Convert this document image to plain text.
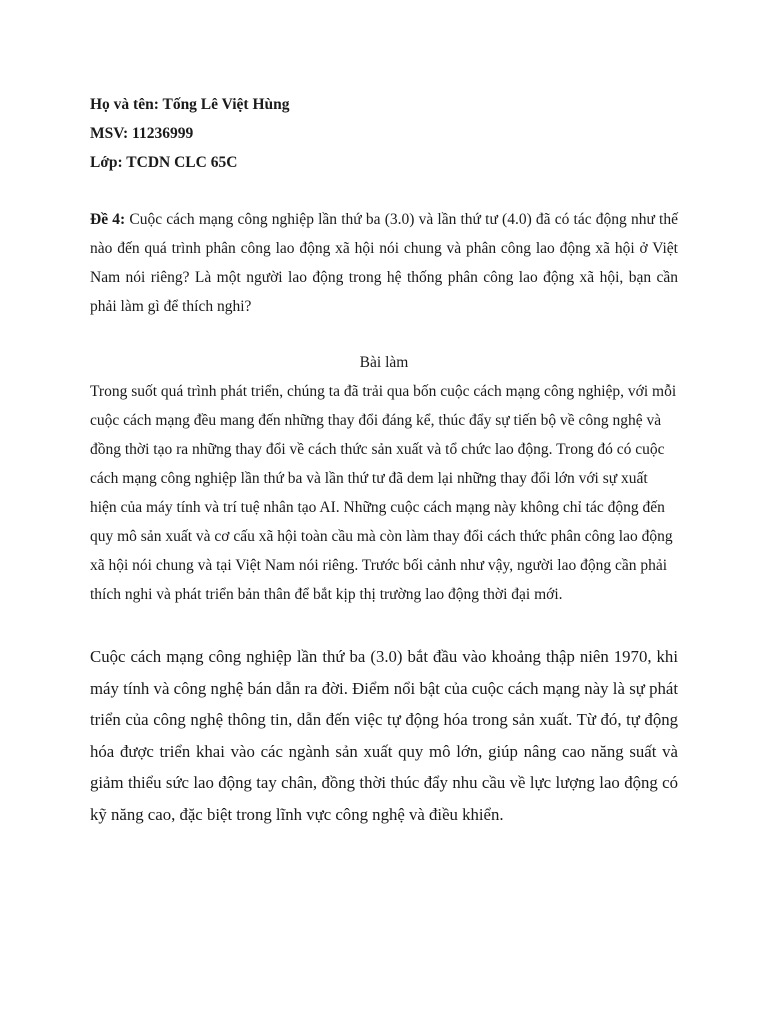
Họ và tên: Tống Lê Việt Hùng

MSV: 11236999

Lớp: TCDN CLC 65C

Đề 4: Cuộc cách mạng công nghiệp lần thứ ba (3.0) và lần thứ tư (4.0) đã có tác động như thế nào đến quá trình phân công lao động xã hội nói chung và phân công lao động xã hội ở Việt Nam nói riêng? Là một người lao động trong hệ thống phân công lao động xã hội, bạn cần phải làm gì để thích nghi?
Bài làm

Trong suốt quá trình phát triển, chúng ta đã trải qua bốn cuộc cách mạng công nghiệp, với mỗi cuộc cách mạng đều mang đến những thay đổi đáng kể, thúc đẩy sự tiến bộ về công nghệ và đồng thời tạo ra những thay đổi về cách thức sản xuất và tổ chức lao động. Trong đó có cuộc cách mạng công nghiệp lần thứ ba và lần thứ tư đã dem lại những thay đổi lớn với sự xuất hiện của máy tính và trí tuệ nhân tạo AI. Những cuộc cách mạng này không chỉ tác động đến quy mô sản xuất và cơ cấu xã hội toàn cầu mà còn làm thay đổi cách thức phân công lao động xã hội nói chung và tại Việt Nam nói riêng. Trước bối cảnh như vậy, người lao động cần phải thích nghi và phát triển bản thân để bắt kịp thị trường lao động thời đại mới.

Cuộc cách mạng công nghiệp lần thứ ba (3.0) bắt đầu vào khoảng thập niên 1970, khi máy tính và công nghệ bán dẫn ra đời. Điểm nổi bật của cuộc cách mạng này là sự phát triển của công nghệ thông tin, dẫn đến việc tự động hóa trong sản xuất. Từ đó, tự động hóa được triển khai vào các ngành sản xuất quy mô lớn, giúp nâng cao năng suất và giảm thiểu sức lao động tay chân, đồng thời thúc đẩy nhu cầu về lực lượng lao động có kỹ năng cao, đặc biệt trong lĩnh vực công nghệ và điều khiển.
